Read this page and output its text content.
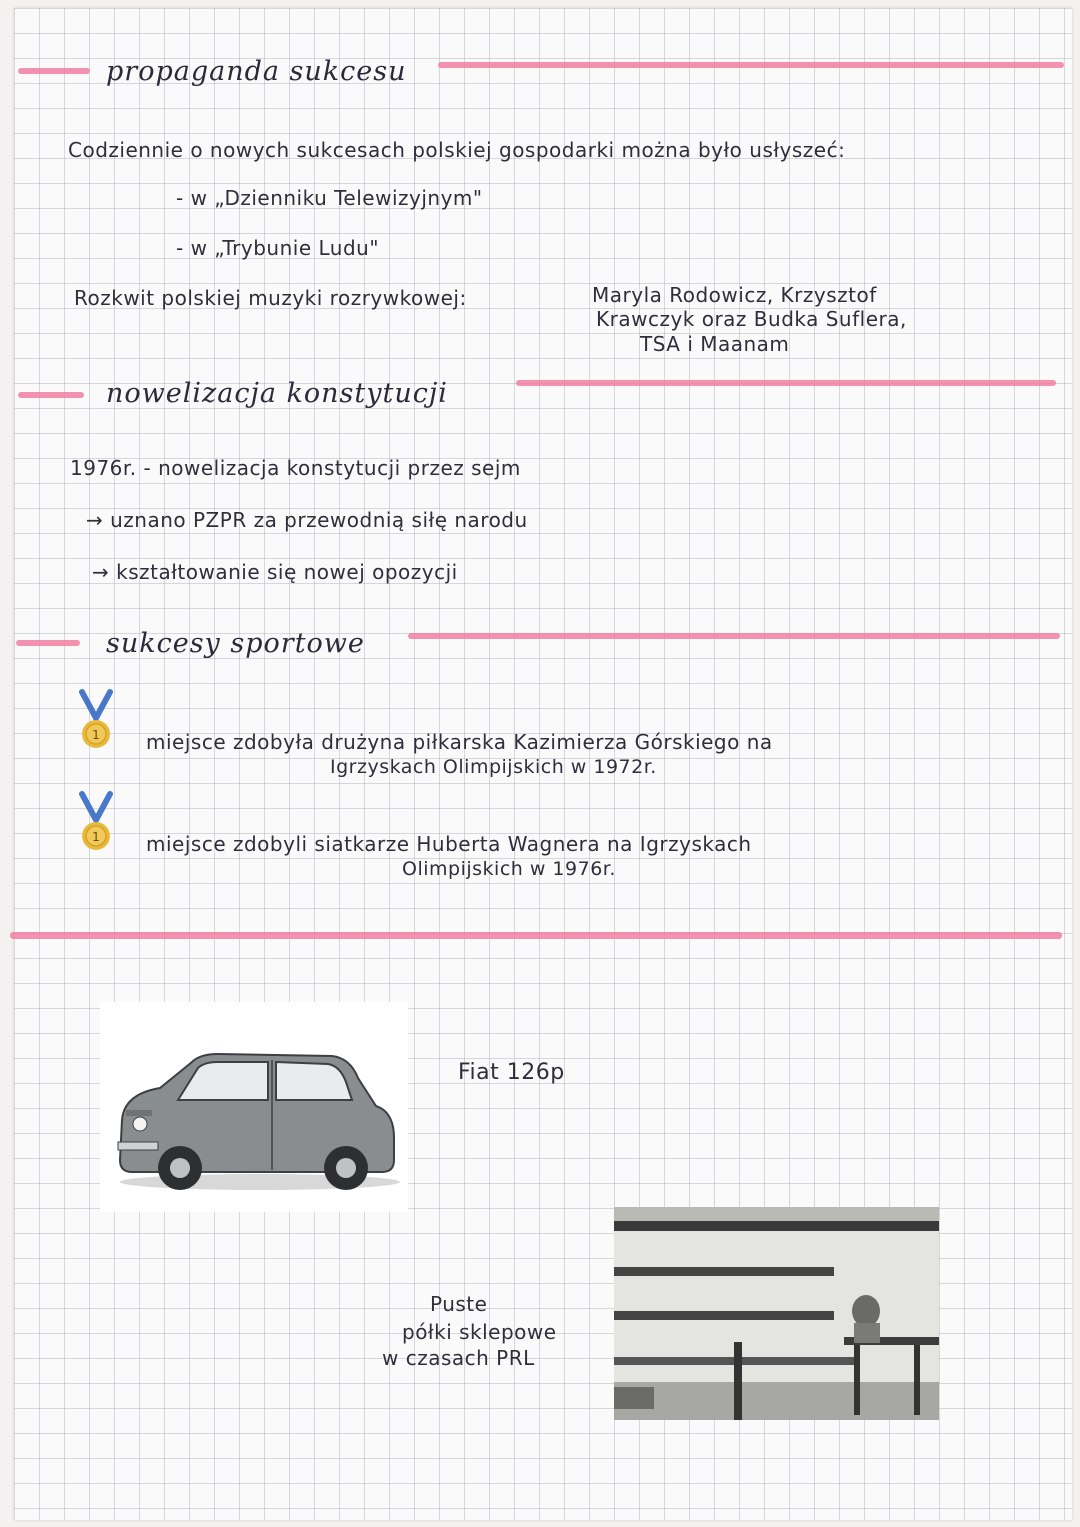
propaganda sukcesu
Codziennie o nowych sukcesach polskiej gospodarki można było usłyszeć:
- w „Dzienniku Telewizyjnym"
- w „Trybunie Ludu"
Rozkwit polskiej muzyki rozrywkowej:	Maryla Rodowicz, Krzysztof
Krawczyk oraz Budka Suflera,
TSA i Maanam
nowelizacja konstytucji
1976r. - nowelizacja konstytucji przez sejm
→ uznano PZPR za przewodnią siłę narodu
→ kształtowanie się nowej opozycji
sukcesy sportowe
1 miejsce zdobyła drużyna piłkarska Kazimierza Górskiego na
Igrzyskach Olimpijskich w 1972r.
1 miejsce zdobyli siatkarze Huberta Wagnera na Igrzyskach
Olimpijskich w 1976r.
Fiat 126p
Puste
półki sklepowe
w czasach PRL
